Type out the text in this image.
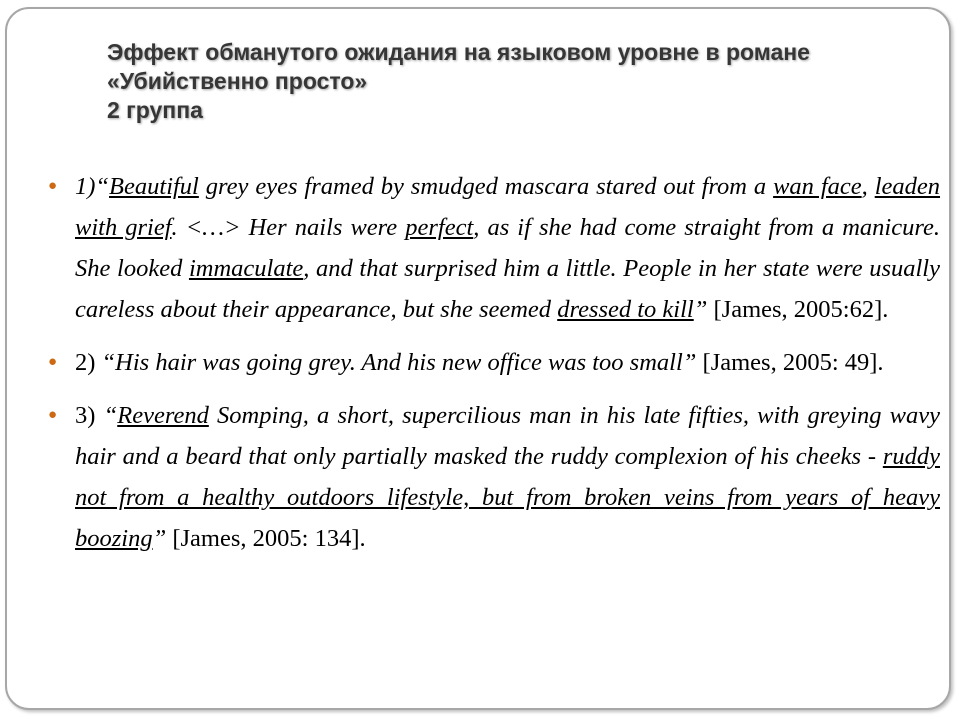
Эффект обманутого ожидания на языковом уровне в романе
«Убийственно просто»
2 группа
● 1)“Beautiful grey eyes framed by smudged mascara stared out from a wan face, leaden with grief. <…> Her nails were perfect, as if she had come straight from a manicure. She looked immaculate, and that surprised him a little. People in her state were usually careless about their appearance, but she seemed dressed to kill” [James, 2005:62].
● 2) “His hair was going grey. And his new office was too small” [James, 2005: 49].
● 3) “Reverend Somping, a short, supercilious man in his late fifties, with greying wavy hair and a beard that only partially masked the ruddy complexion of his cheeks - ruddy not from a healthy outdoors lifestyle, but from broken veins from years of heavy boozing” [James, 2005: 134].
